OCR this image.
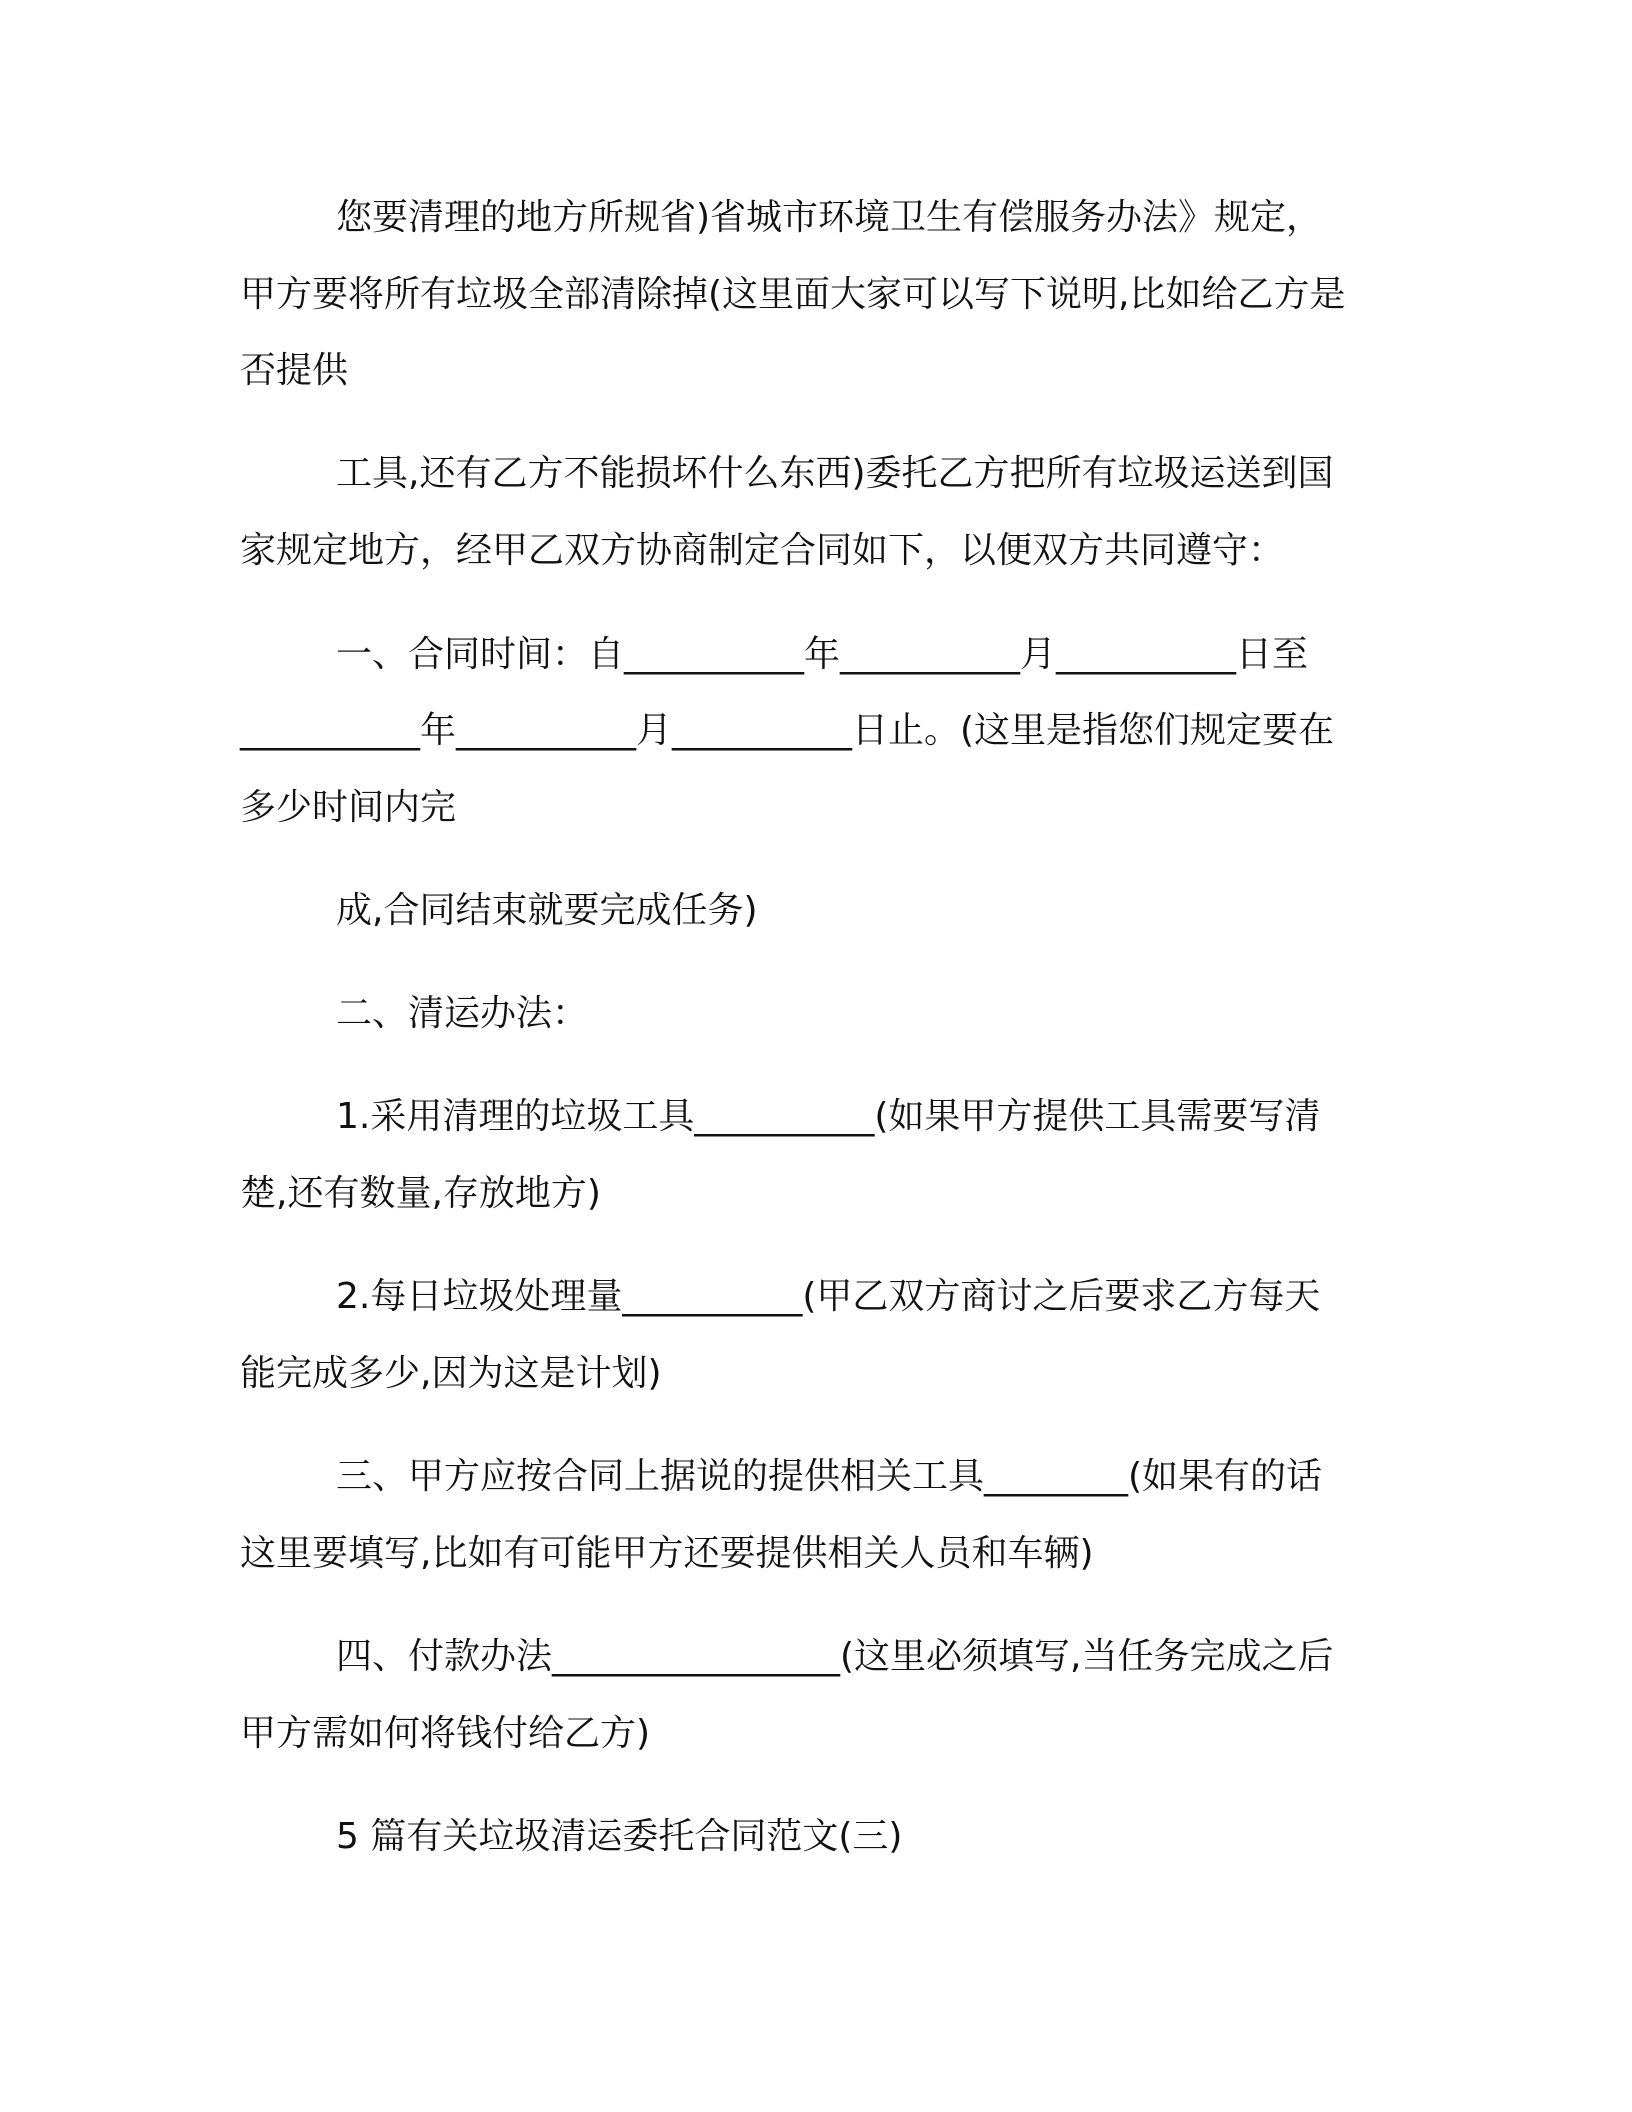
您要清理的地方所规省)省城市环境卫生有偿服务办法》规定，
甲方要将所有垃圾全部清除掉(这里面大家可以写下说明,比如给乙方是
否提供
工具,还有乙方不能损坏什么东西)委托乙方把所有垃圾运送到国
家规定地方，经甲乙双方协商制定合同如下，以便双方共同遵守：
一、合同时间：自__________年__________月__________日至
__________年__________月__________日止。(这里是指您们规定要在
多少时间内完
成,合同结束就要完成任务)
二、清运办法：
1.采用清理的垃圾工具__________(如果甲方提供工具需要写清
楚,还有数量,存放地方)
2.每日垃圾处理量__________(甲乙双方商讨之后要求乙方每天
能完成多少,因为这是计划)
三、甲方应按合同上据说的提供相关工具________(如果有的话
这里要填写,比如有可能甲方还要提供相关人员和车辆)
四、付款办法________________(这里必须填写,当任务完成之后
甲方需如何将钱付给乙方)
5 篇有关垃圾清运委托合同范文(三)
